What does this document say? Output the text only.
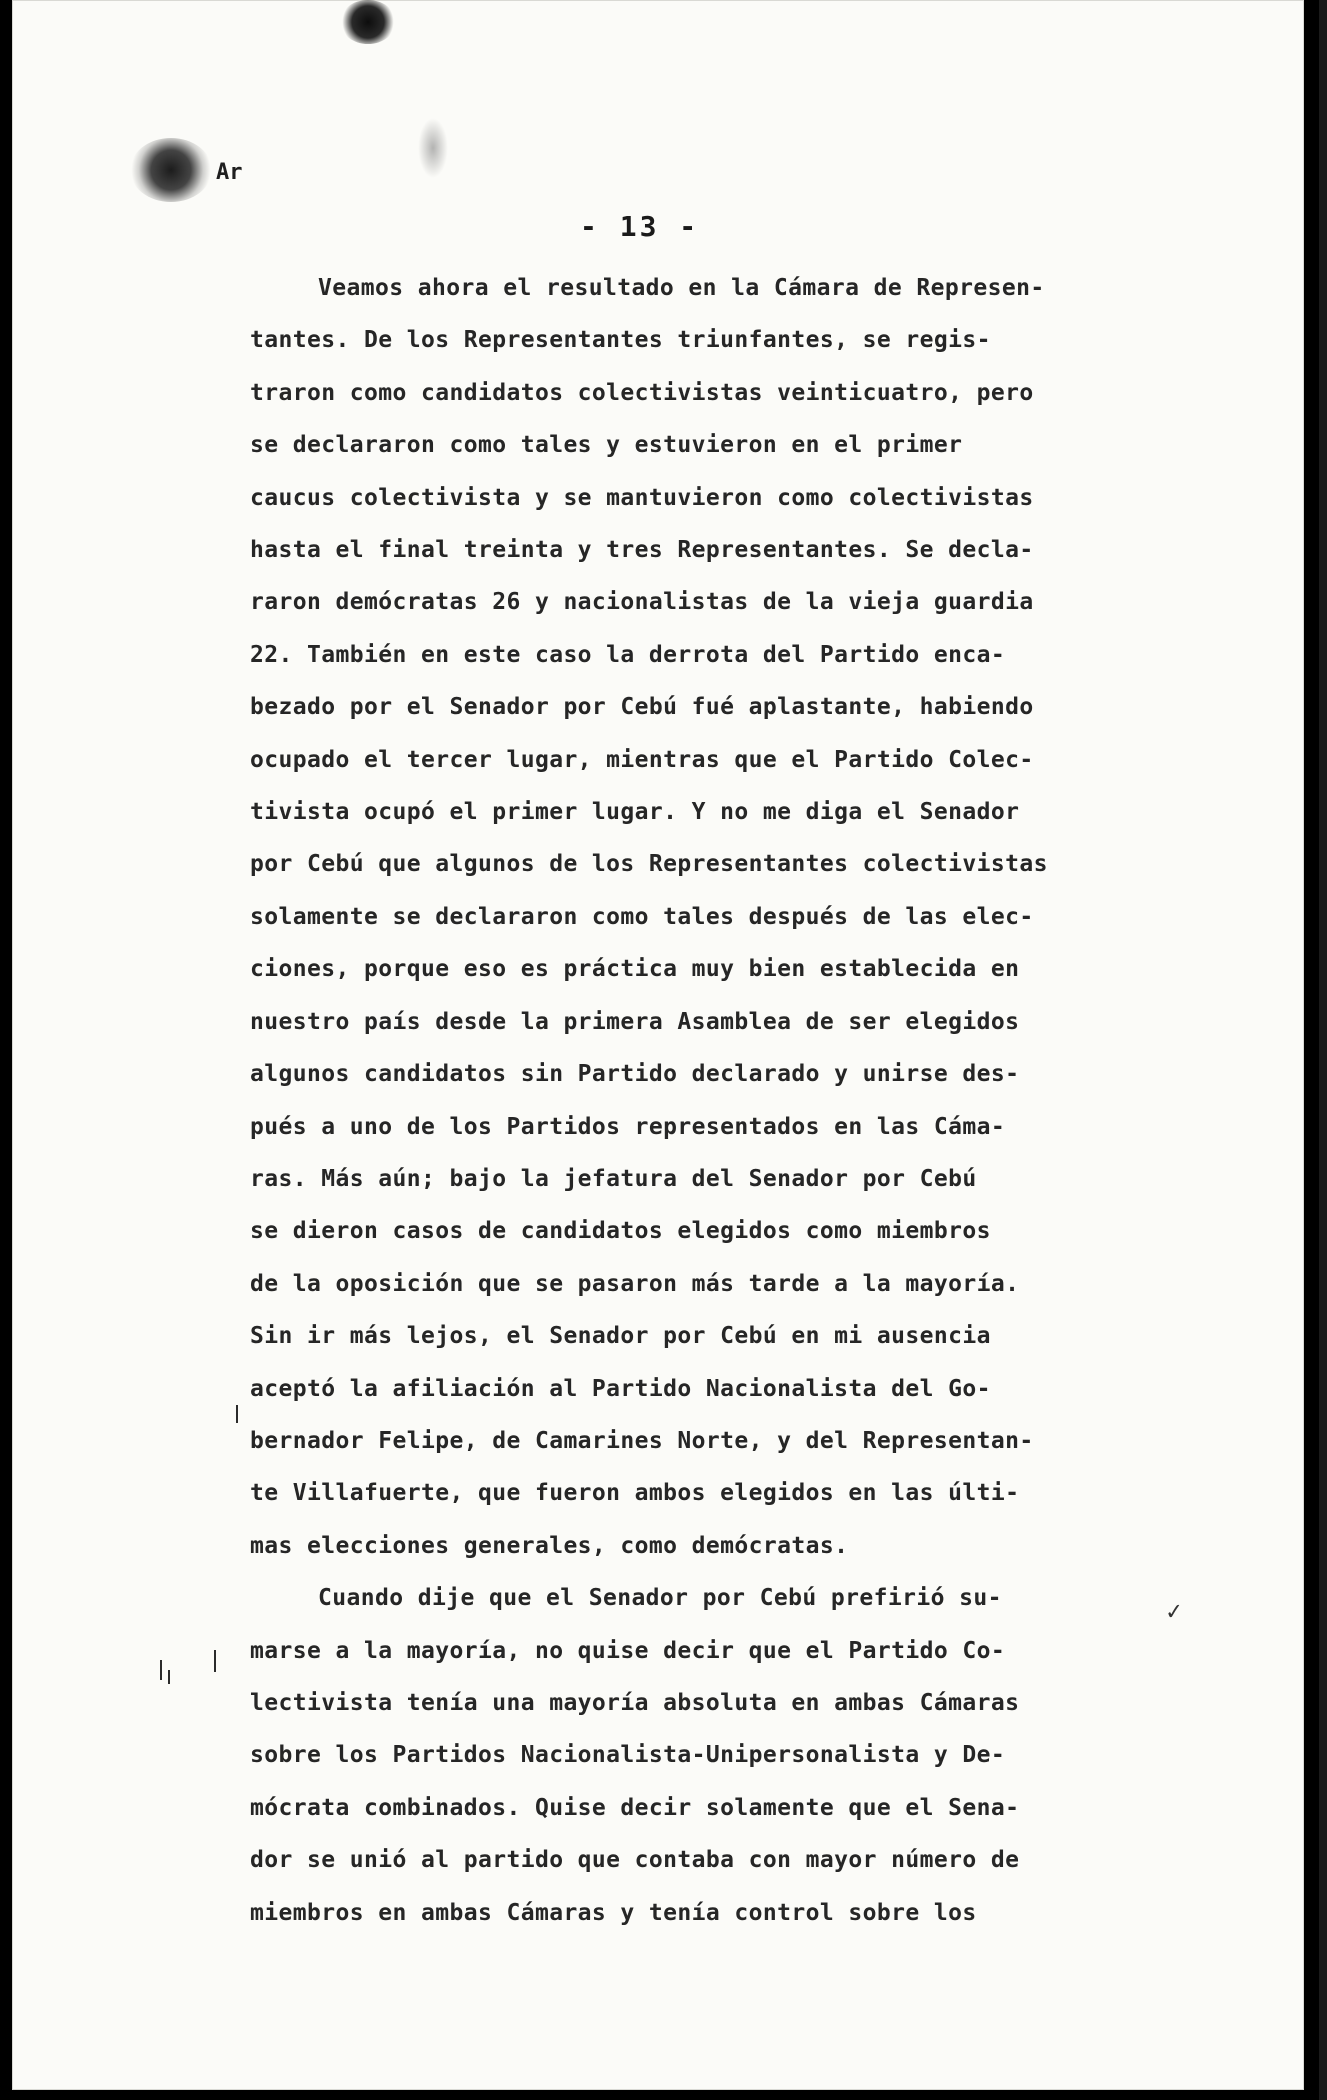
Ar
- 13 -
Veamos ahora el resultado en la Cámara de Represen-
tantes. De los Representantes triunfantes, se regis-
traron como candidatos colectivistas veinticuatro, pero
se declararon como tales y estuvieron en el primer
caucus colectivista y se mantuvieron como colectivistas
hasta el final treinta y tres Representantes. Se decla-
raron demócratas 26 y nacionalistas de la vieja guardia
22. También en este caso la derrota del Partido enca-
bezado por el Senador por Cebú fué aplastante, habiendo
ocupado el tercer lugar, mientras que el Partido Colec-
tivista ocupó el primer lugar. Y no me diga el Senador
por Cebú que algunos de los Representantes colectivistas
solamente se declararon como tales después de las elec-
ciones, porque eso es práctica muy bien establecida en
nuestro país desde la primera Asamblea de ser elegidos
algunos candidatos sin Partido declarado y unirse des-
pués a uno de los Partidos representados en las Cáma-
ras. Más aún; bajo la jefatura del Senador por Cebú
se dieron casos de candidatos elegidos como miembros
de la oposición que se pasaron más tarde a la mayoría.
Sin ir más lejos, el Senador por Cebú en mi ausencia
aceptó la afiliación al Partido Nacionalista del Go-
bernador Felipe, de Camarines Norte, y del Representan-
te Villafuerte, que fueron ambos elegidos en las últi-
mas elecciones generales, como demócratas.
Cuando dije que el Senador por Cebú prefirió su-
marse a la mayoría, no quise decir que el Partido Co-
lectivista tenía una mayoría absoluta en ambas Cámaras
sobre los Partidos Nacionalista-Unipersonalista y De-
mócrata combinados. Quise decir solamente que el Sena-
dor se unió al partido que contaba con mayor número de
miembros en ambas Cámaras y tenía control sobre los
✓
